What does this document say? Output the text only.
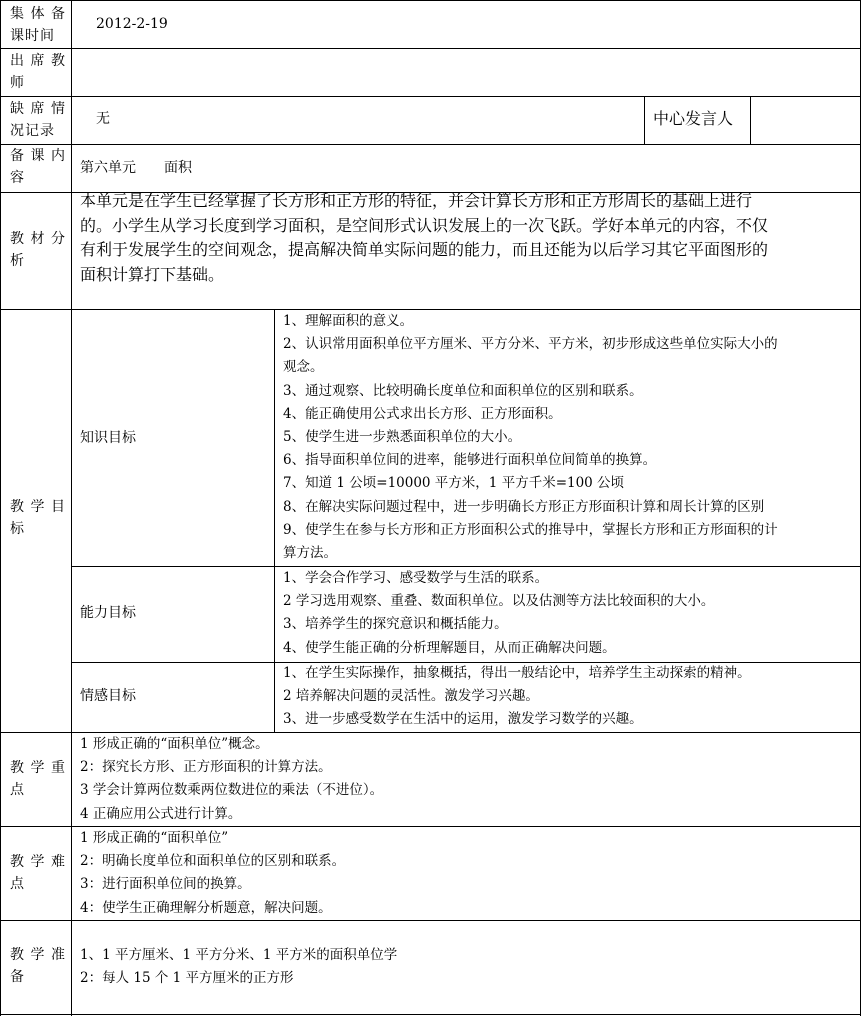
集体备课时间
2012-2-19
出席教师
缺席情况记录
无	中心发言人
备课内容
第六单元　　面积
教材分析
本单元是在学生已经掌握了长方形和正方形的特征，并会计算长方形和正方形周长的基础上进行
的。小学生从学习长度到学习面积，是空间形式认识发展上的一次飞跃。学好本单元的内容，不仅
有利于发展学生的空间观念，提高解决简单实际问题的能力，而且还能为以后学习其它平面图形的
面积计算打下基础。
教学目标
知识目标
1、理解面积的意义。
2、认识常用面积单位平方厘米、平方分米、平方米，初步形成这些单位实际大小的
观念。
3、通过观察、比较明确长度单位和面积单位的区别和联系。
4、能正确使用公式求出长方形、正方形面积。
5、使学生进一步熟悉面积单位的大小。
6、指导面积单位间的进率，能够进行面积单位间简单的换算。
7、知道 1 公顷=10000 平方米，1 平方千米=100 公顷
8、在解决实际问题过程中，进一步明确长方形正方形面积计算和周长计算的区别
9、使学生在参与长方形和正方形面积公式的推导中，掌握长方形和正方形面积的计
算方法。
能力目标
1、学会合作学习、感受数学与生活的联系。
2 学习选用观察、重叠、数面积单位。以及估测等方法比较面积的大小。
3、培养学生的探究意识和概括能力。
4、使学生能正确的分析理解题目，从而正确解决问题。
情感目标
1、在学生实际操作，抽象概括，得出一般结论中，培养学生主动探索的精神。
2 培养解决问题的灵活性。激发学习兴趣。
3、进一步感受数学在生活中的运用，激发学习数学的兴趣。
教学重点
1 形成正确的“面积单位”概念。
2：探究长方形、正方形面积的计算方法。
3 学会计算两位数乘两位数进位的乘法（不进位）。
4 正确应用公式进行计算。
教学难点
1 形成正确的“面积单位”
2：明确长度单位和面积单位的区别和联系。
3：进行面积单位间的换算。
4：使学生正确理解分析题意，解决问题。
教学准备
1、1 平方厘米、1 平方分米、1 平方米的面积单位学
2：每人 15 个 1 平方厘米的正方形
